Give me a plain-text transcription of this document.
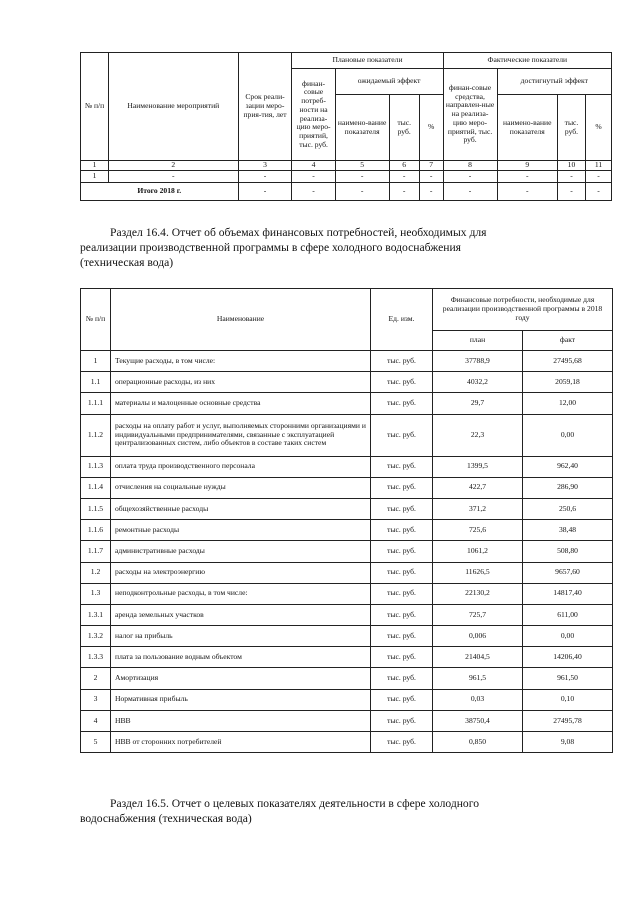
№ п/п	Наименование мероприятий	Срок реали-зации меро-прия-тия, лет	Плановые показатели				Фактические показатели			
			финан-совые потреб-ности на реализа-цию меро-приятий, тыс. руб.	ожидаемый эффект			финан-совые средства, направлен-ные на реализа-цию меро-приятий, тыс. руб.	достигнутый эффект		
				наимено-вание показателя	тыс. руб.	%		наимено-вание показателя	тыс. руб.	%
1	2	3	4	5	6	7	8	9	10	11
1	-	-	-	-	-	-	-	-	-	-
Итого 2018 г.		-	-	-	-	-	-	-	-	-
Раздел 16.4. Отчет об объемах финансовых потребностей, необходимых для
реализации производственной программы в сфере холодного водоснабжения
(техническая вода)
№ п/п	Наименование	Ед. изм.	Финансовые потребности, необходимые для реализации производственной программы в 2018 году	
			план	факт
1	Текущие расходы, в том числе:	тыс. руб.	37788,9	27495,68
1.1	операционные расходы, из них	тыс. руб.	4032,2	2059,18
1.1.1	материалы и малоценные основные средства	тыс. руб.	29,7	12,00
1.1.2	расходы на оплату работ и услуг, выполняемых сторонними организациями и индивидуальными предпринимателями, связанные с эксплуатацией централизованных систем, либо объектов в составе таких систем	тыс. руб.	22,3	0,00
1.1.3	оплата труда производственного персонала	тыс. руб.	1399,5	962,40
1.1.4	отчисления на социальные нужды	тыс. руб.	422,7	286,90
1.1.5	общехозяйственные расходы	тыс. руб.	371,2	250,6
1.1.6	ремонтные расходы	тыс. руб.	725,6	38,48
1.1.7	административные расходы	тыс. руб.	1061,2	508,80
1.2	расходы на электроэнергию	тыс. руб.	11626,5	9657,60
1.3	неподконтрольные расходы, в том числе:	тыс. руб.	22130,2	14817,40
1.3.1	аренда земельных участков	тыс. руб.	725,7	611,00
1.3.2	налог на прибыль	тыс. руб.	0,006	0,00
1.3.3	плата за пользование водным объектом	тыс. руб.	21404,5	14206,40
2	Амортизация	тыс. руб.	961,5	961,50
3	Нормативная прибыль	тыс. руб.	0,03	0,10
4	НВВ	тыс. руб.	38750,4	27495,78
5	НВВ от сторонних потребителей	тыс. руб.	0,850	9,08
Раздел 16.5. Отчет о целевых показателях деятельности в сфере холодного
водоснабжения (техническая вода)
